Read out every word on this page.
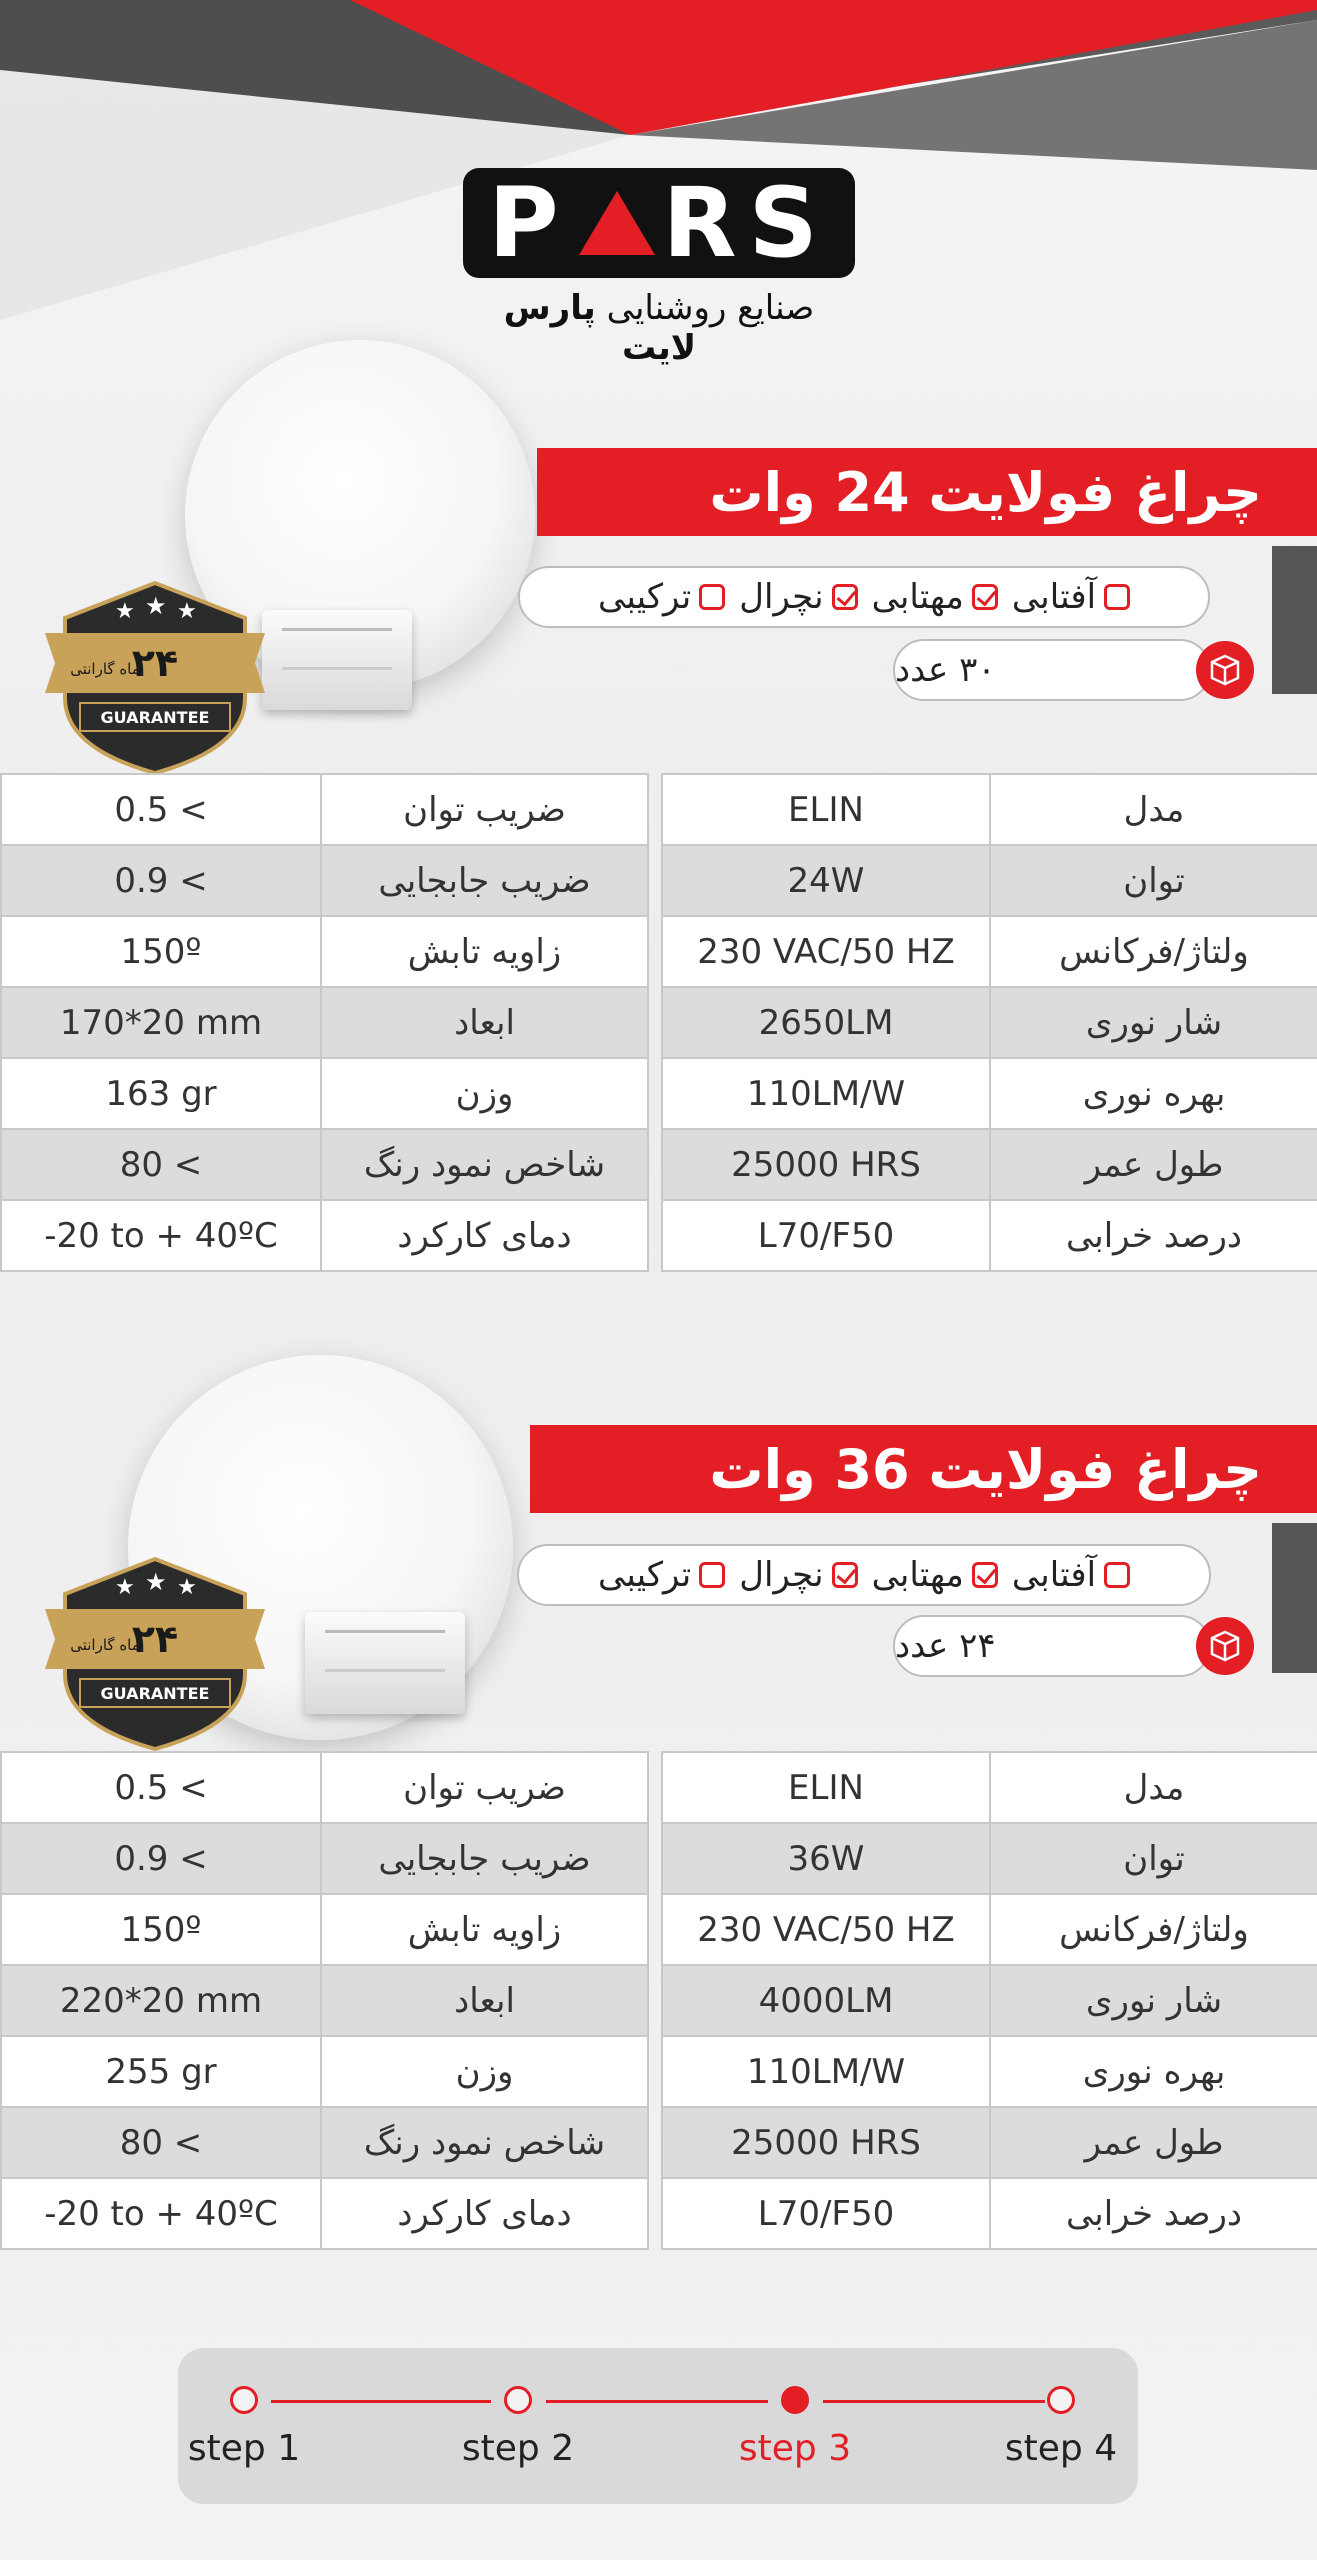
P RS
صنایع روشنایی پارس لایت
★ ★ ★
۲۴
ماه گارانتی
GUARANTEE
چراغ فولایت 24 وات
آفتابی
مهتابی
نچرال
ترکیبی
۳۰ عدد
ELIN	مدل
24W	توان
230 VAC/50 HZ	ولتاژ/فرکانس
2650LM	شار نوری
110LM/W	بهره نوری
25000 HRS	طول عمر
L70/F50	درصد خرابی
0.5 <	ضریب توان
0.9 <	ضریب جابجایی
150º	زاویه تابش
170*20 mm	ابعاد
163 gr	وزن
80 <	شاخص نمود رنگ
-20 to + 40ºC	دمای کارکرد
★ ★ ★
۲۴
ماه گارانتی
GUARANTEE
چراغ فولایت 36 وات
آفتابی
مهتابی
نچرال
ترکیبی
۲۴ عدد
ELIN	مدل
36W	توان
230 VAC/50 HZ	ولتاژ/فرکانس
4000LM	شار نوری
110LM/W	بهره نوری
25000 HRS	طول عمر
L70/F50	درصد خرابی
0.5 <	ضریب توان
0.9 <	ضریب جابجایی
150º	زاویه تابش
220*20 mm	ابعاد
255 gr	وزن
80 <	شاخص نمود رنگ
-20 to + 40ºC	دمای کارکرد
step 1	step 2	step 3	step 4
